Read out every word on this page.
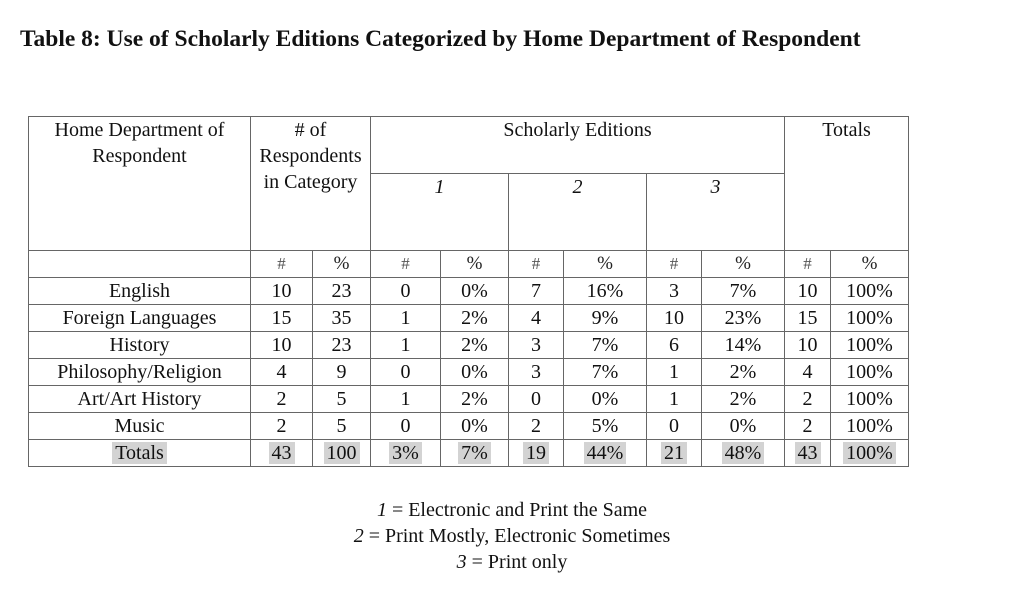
Table 8: Use of Scholarly Editions Categorized by Home Department of Respondent
Home Department of Respondent	# of Respondents in Category		Scholarly Editions						Totals	
			1		2		3			
	#	%	#	%	#	%	#	%	#	%
English	10	23	0	0%	7	16%	3	7%	10	100%
Foreign Languages	15	35	1	2%	4	9%	10	23%	15	100%
History	10	23	1	2%	3	7%	6	14%	10	100%
Philosophy/Religion	4	9	0	0%	3	7%	1	2%	4	100%
Art/Art History	2	5	1	2%	0	0%	1	2%	2	100%
Music	2	5	0	0%	2	5%	0	0%	2	100%
Totals	43	100	3%	7%	19	44%	21	48%	43	100%
1 = Electronic and Print the Same
2 = Print Mostly, Electronic Sometimes
3 = Print only
